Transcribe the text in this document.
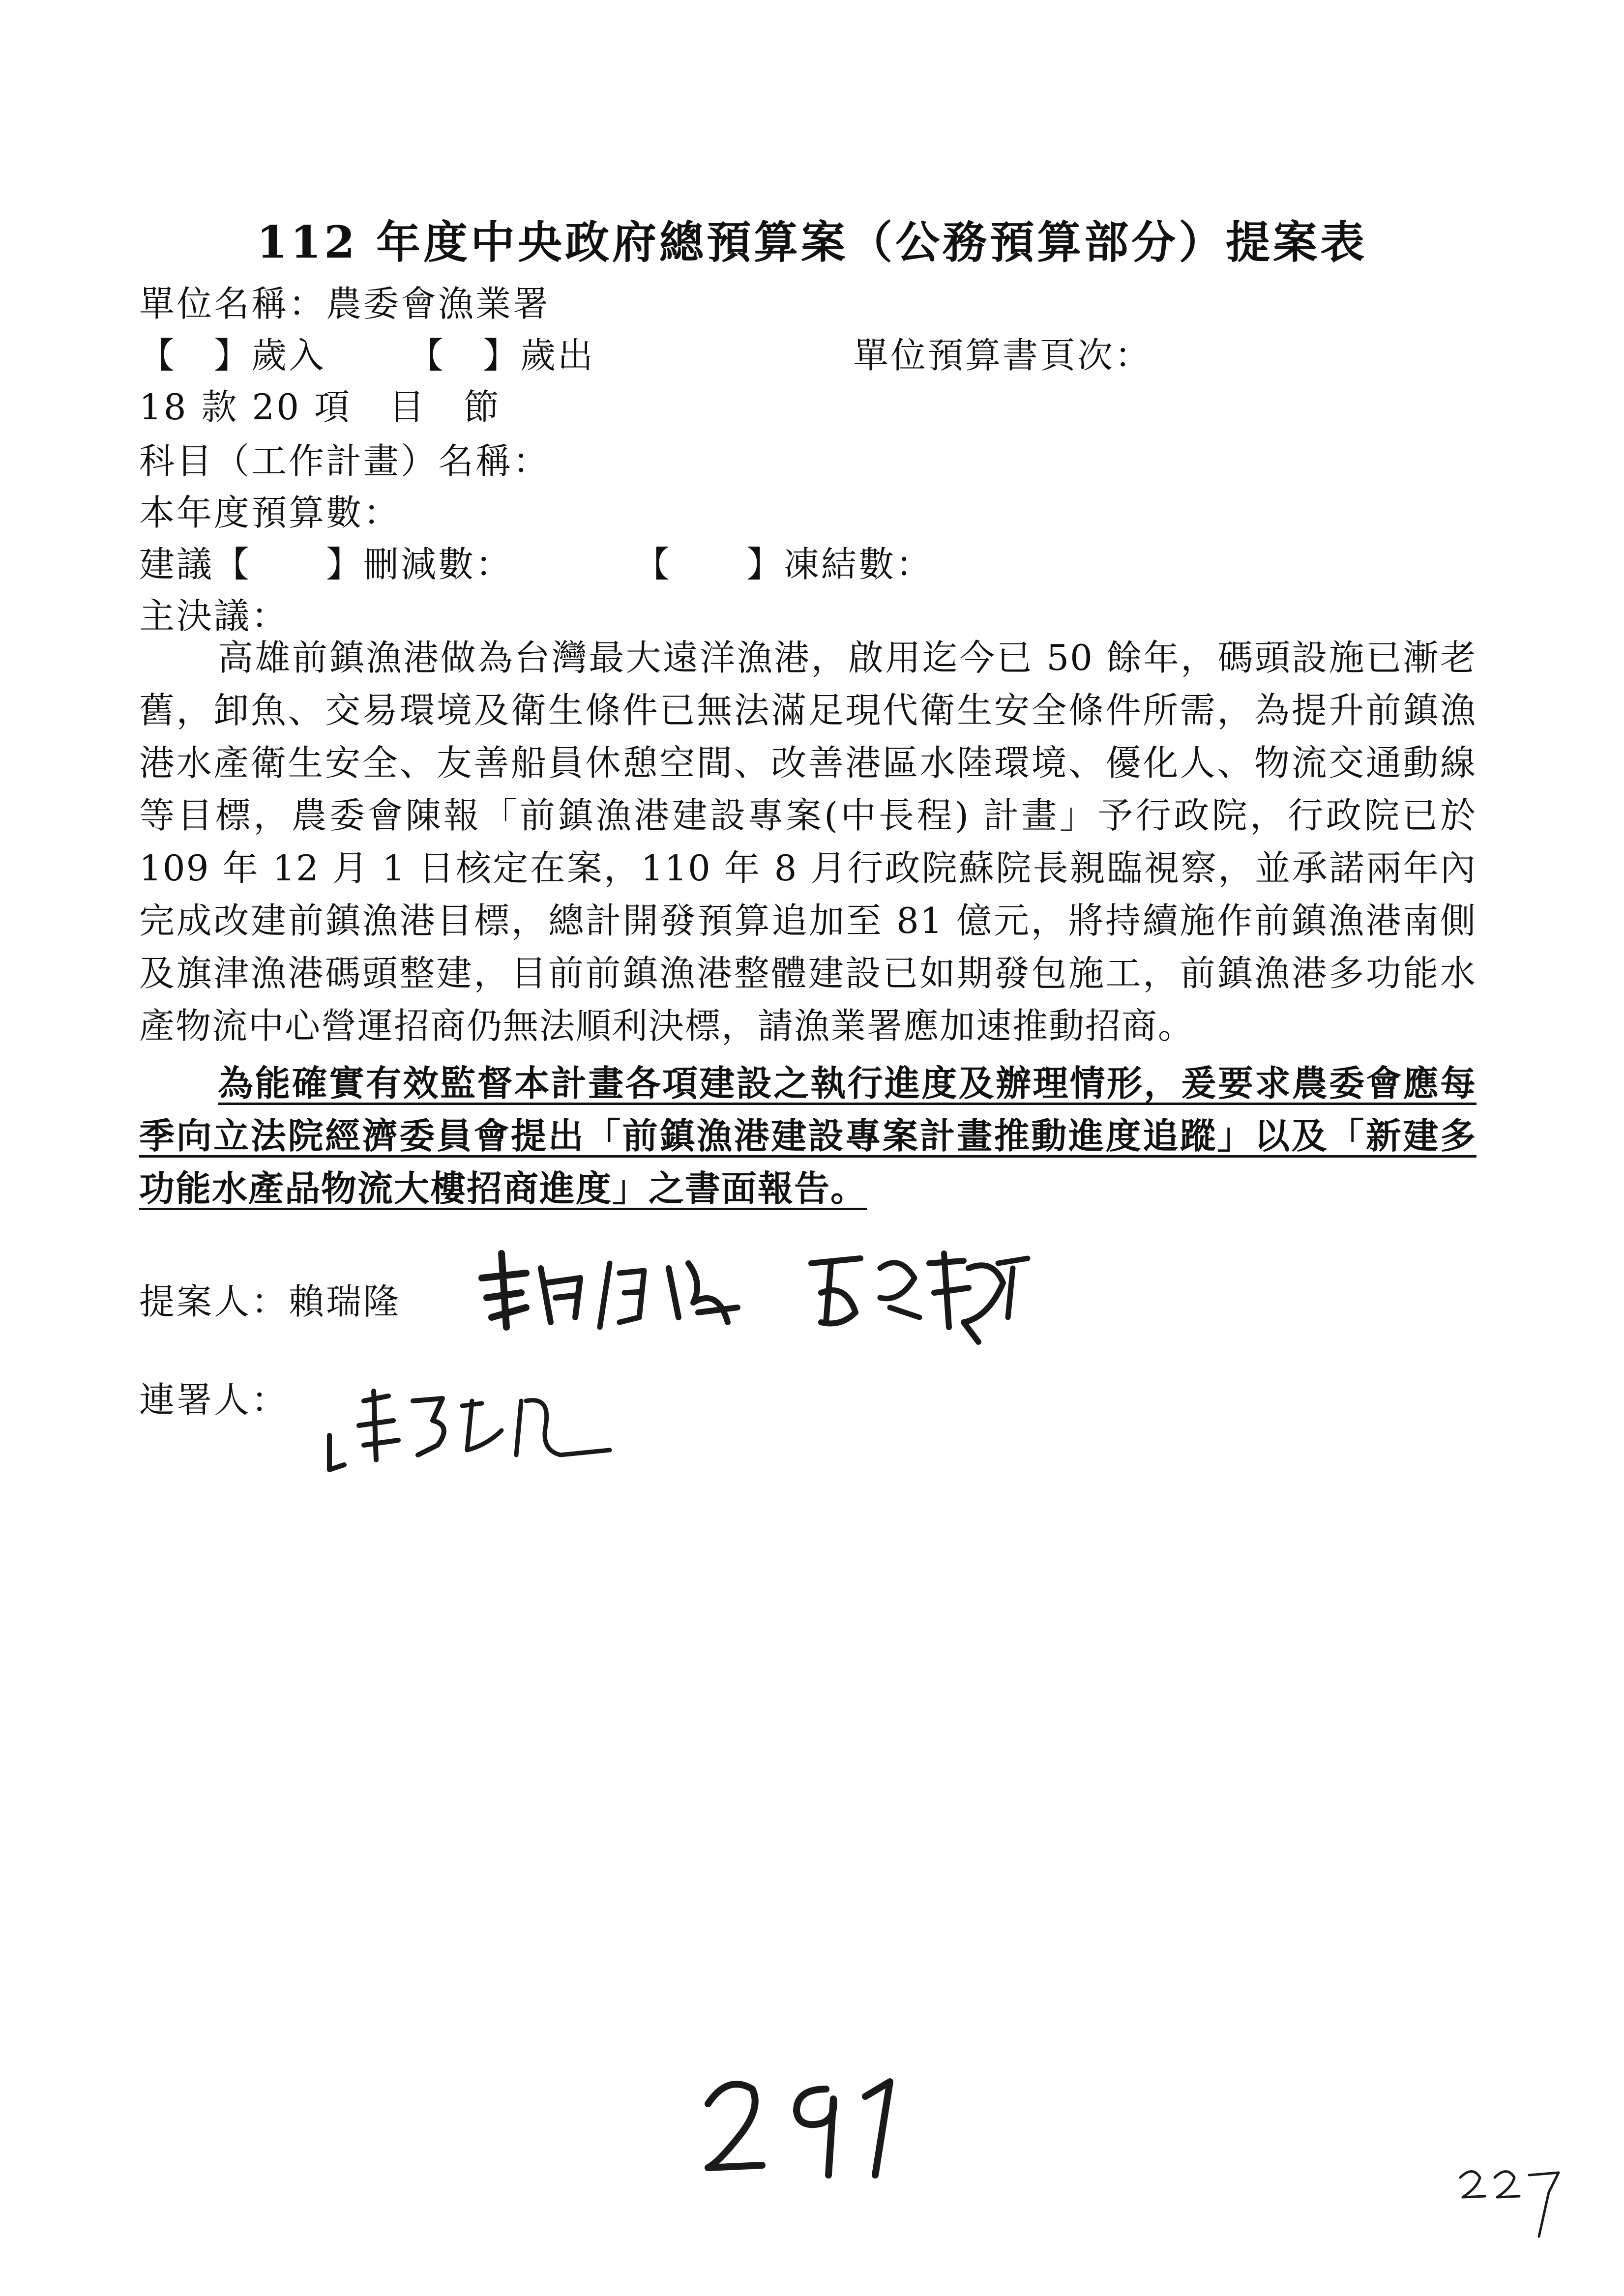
112 年度中央政府總預算案（公務預算部分）提案表
單位名稱：農委會漁業署
【　】歲入 【　】歲出	單位預算書頁次：
18 款 20 項　目　節
科目（工作計畫）名稱：
本年度預算數：
建議【　　】刪減數：	【　　】凍結數：
主決議：
高雄前鎮漁港做為台灣最大遠洋漁港，啟用迄今已 50 餘年，碼頭設施已漸老舊，卸魚、交易環境及衛生條件已無法滿足現代衛生安全條件所需，為提升前鎮漁港水產衛生安全、友善船員休憩空間、改善港區水陸環境、優化人、物流交通動線等目標，農委會陳報「前鎮漁港建設專案(中長程) 計畫」予行政院，行政院已於 109 年 12 月 1 日核定在案，110 年 8 月行政院蘇院長親臨視察，並承諾兩年內完成改建前鎮漁港目標，總計開發預算追加至 81 億元，將持續施作前鎮漁港南側及旗津漁港碼頭整建，目前前鎮漁港整體建設已如期發包施工，前鎮漁港多功能水產物流中心營運招商仍無法順利決標，請漁業署應加速推動招商。
為能確實有效監督本計畫各項建設之執行進度及辦理情形，爰要求農委會應每季向立法院經濟委員會提出「前鎮漁港建設專案計畫推動進度追蹤」以及「新建多功能水產品物流大樓招商進度」之書面報告。
提案人：賴瑞隆
連署人：
